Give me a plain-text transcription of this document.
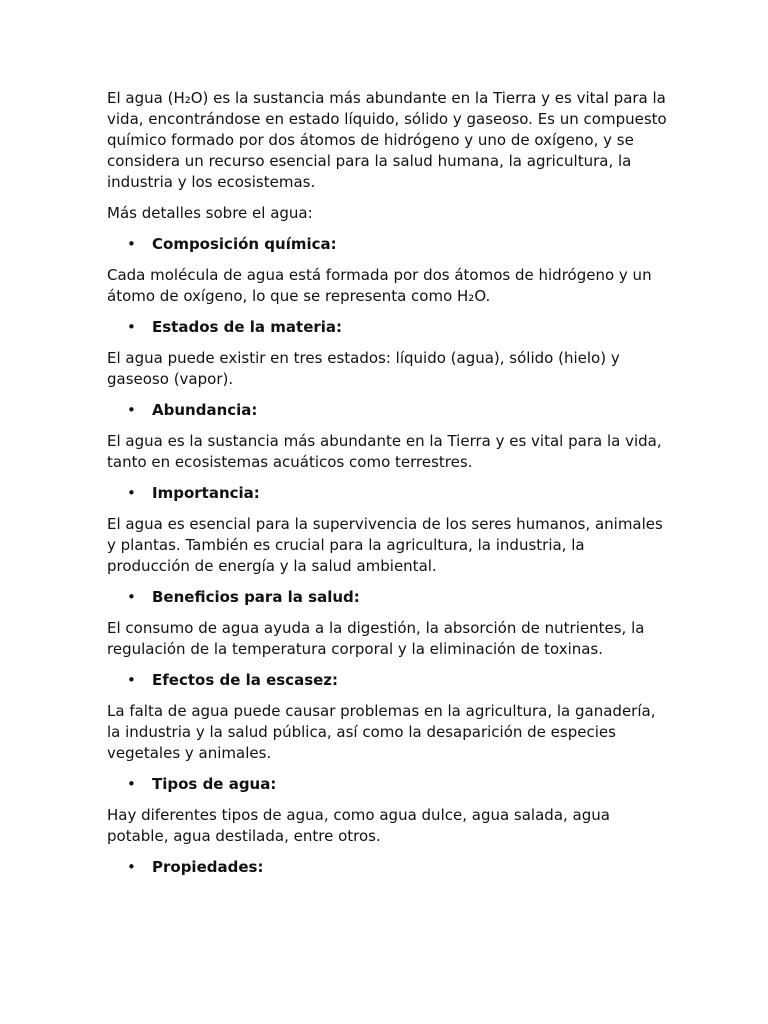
El agua (H₂O) es la sustancia más abundante en la Tierra y es vital para la vida, encontrándose en estado líquido, sólido y gaseoso. Es un compuesto químico formado por dos átomos de hidrógeno y uno de oxígeno, y se considera un recurso esencial para la salud humana, la agricultura, la industria y los ecosistemas.

Más detalles sobre el agua:

• Composición química:

Cada molécula de agua está formada por dos átomos de hidrógeno y un átomo de oxígeno, lo que se representa como H₂O.

• Estados de la materia:

El agua puede existir en tres estados: líquido (agua), sólido (hielo) y gaseoso (vapor).

• Abundancia:

El agua es la sustancia más abundante en la Tierra y es vital para la vida, tanto en ecosistemas acuáticos como terrestres.

• Importancia:

El agua es esencial para la supervivencia de los seres humanos, animales y plantas. También es crucial para la agricultura, la industria, la producción de energía y la salud ambiental.

• Beneficios para la salud:

El consumo de agua ayuda a la digestión, la absorción de nutrientes, la regulación de la temperatura corporal y la eliminación de toxinas.

• Efectos de la escasez:

La falta de agua puede causar problemas en la agricultura, la ganadería, la industria y la salud pública, así como la desaparición de especies vegetales y animales.

• Tipos de agua:

Hay diferentes tipos de agua, como agua dulce, agua salada, agua potable, agua destilada, entre otros.

• Propiedades:
